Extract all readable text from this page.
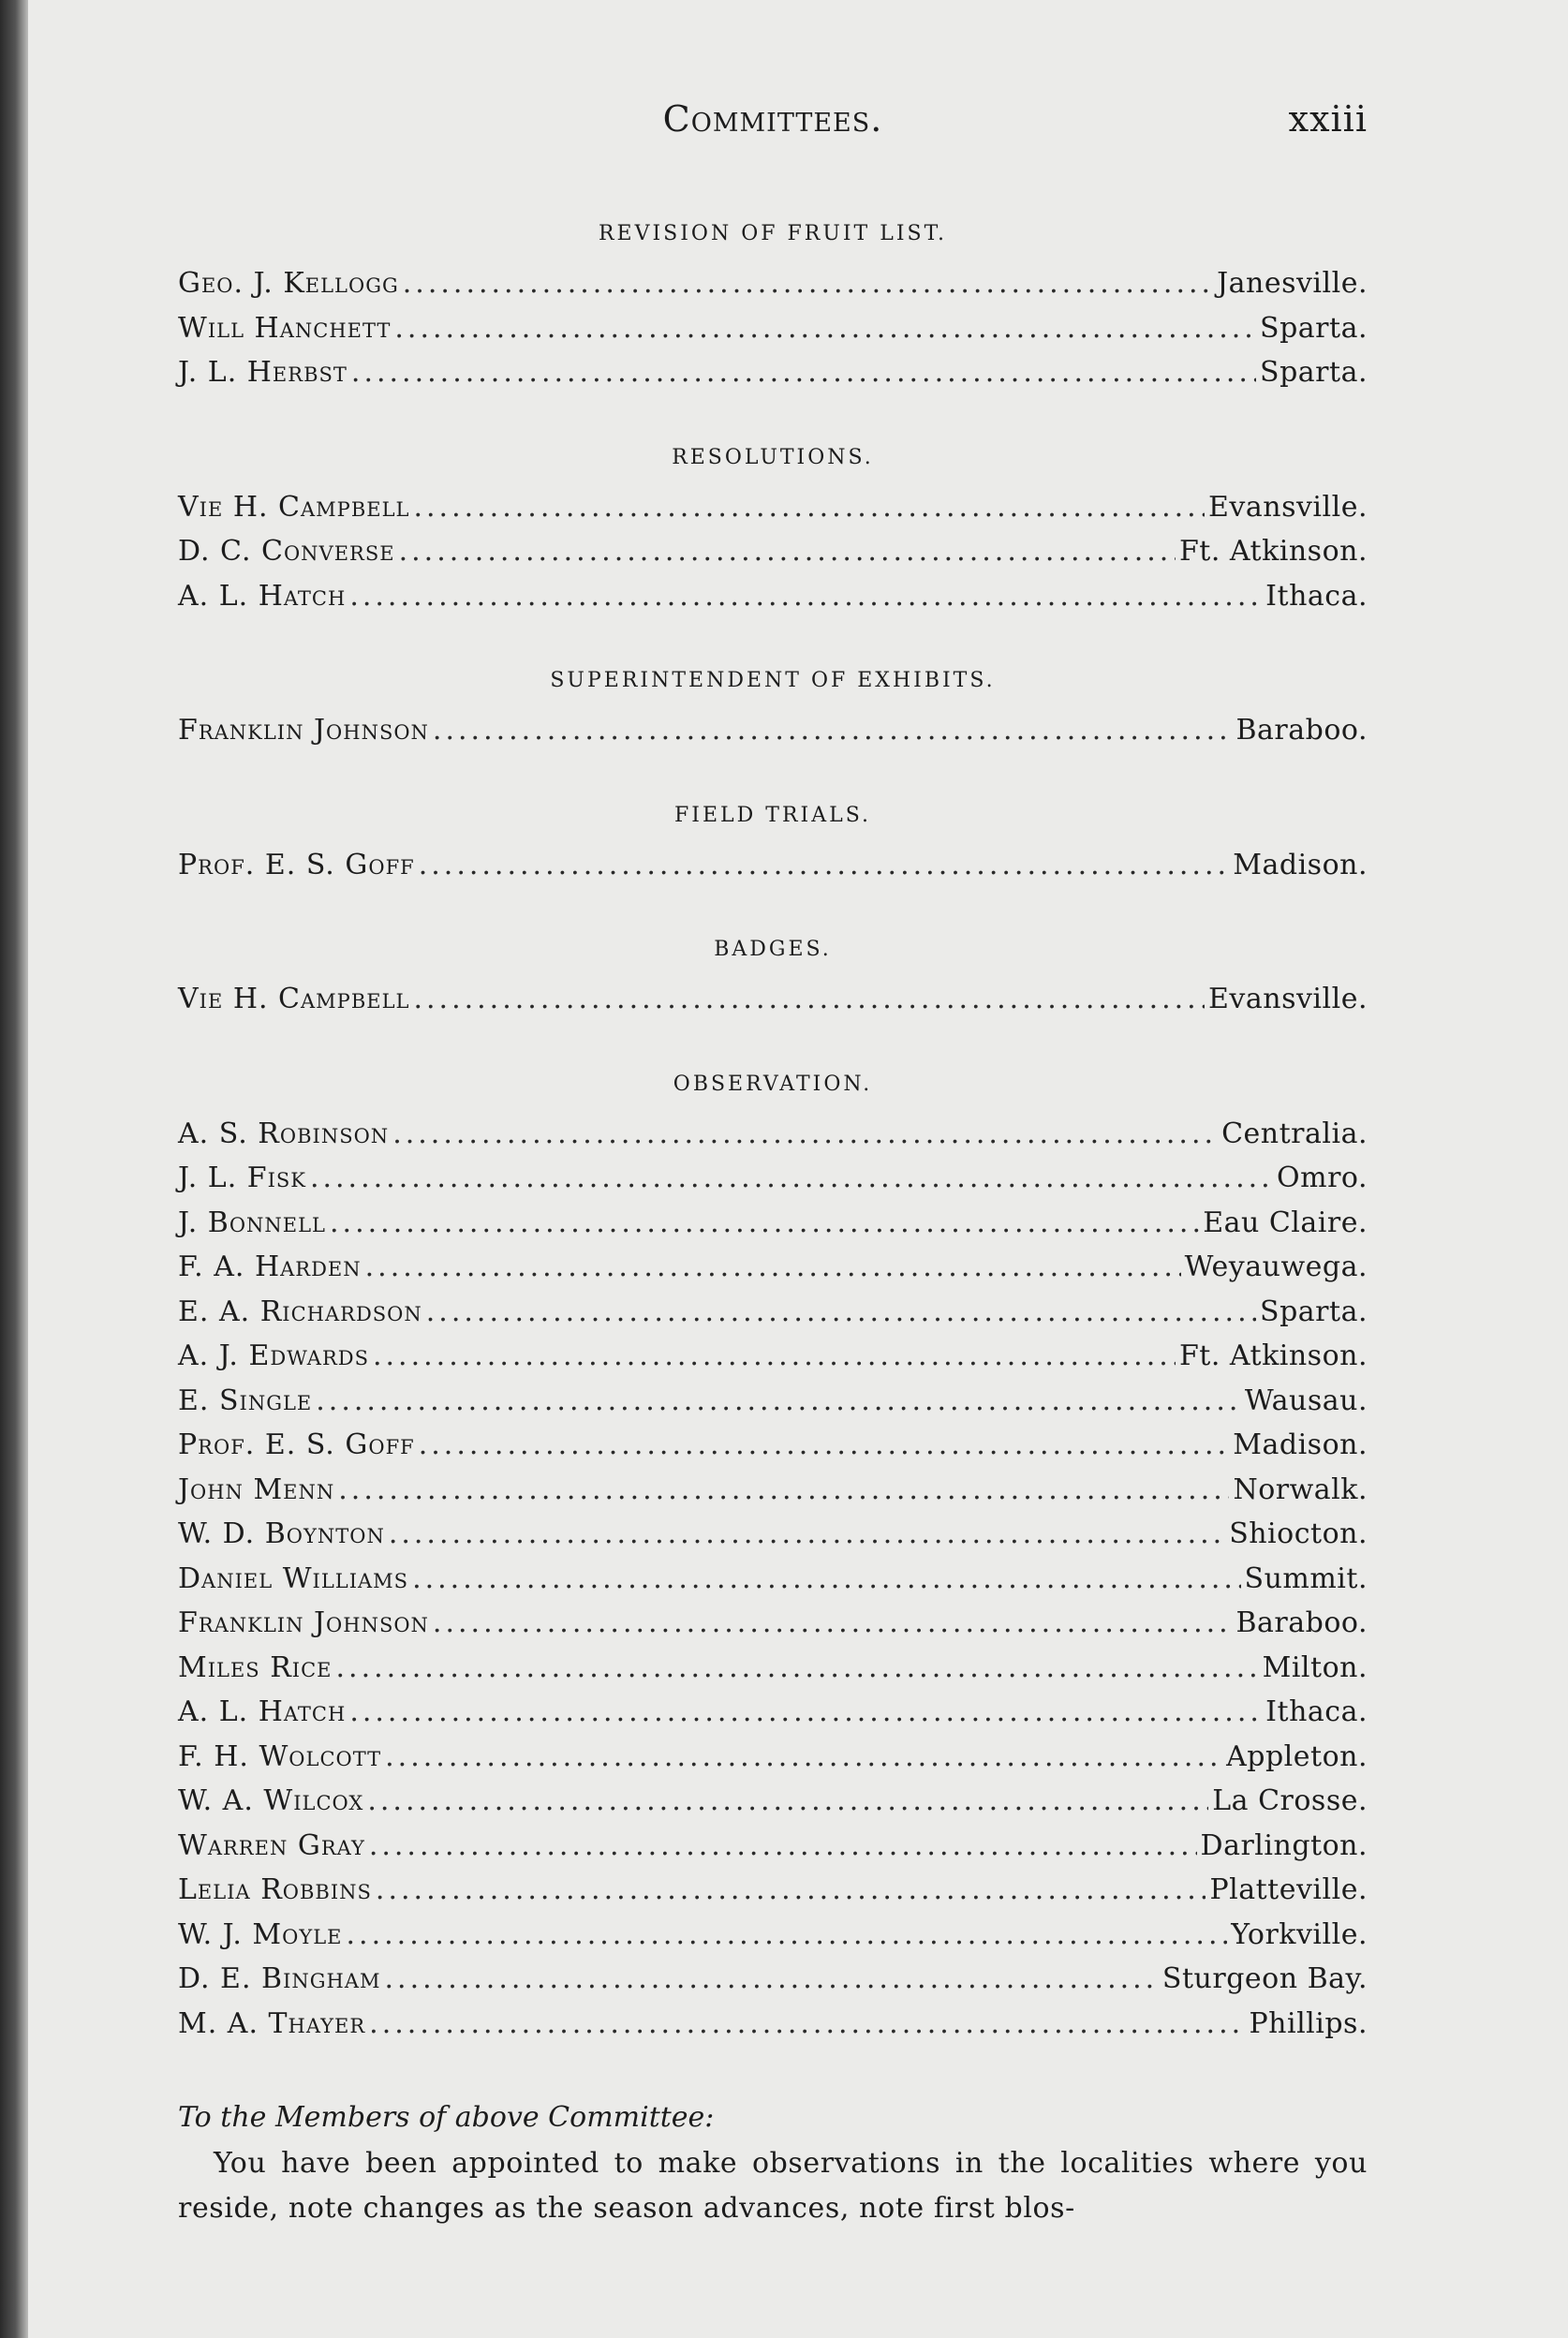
Committees.	xxiii
REVISION OF FRUIT LIST.
Geo. J. Kellogg .....	Janesville.
Will Hanchett .....	Sparta.
J. L. Herbst .....	Sparta.
RESOLUTIONS.
Vie H. Campbell .....	Evansville.
D. C. Converse .....	Ft. Atkinson.
A. L. Hatch .....	Ithaca.
SUPERINTENDENT OF EXHIBITS.
Franklin Johnson .....	Baraboo.
FIELD TRIALS.
Prof. E. S. Goff .....	Madison.
BADGES.
Vie H. Campbell .....	Evansville.
OBSERVATION.
A. S. Robinson .....	Centralia.
J. L. Fisk .....	Omro.
J. Bonnell .....	Eau Claire.
F. A. Harden .....	Weyauwega.
E. A. Richardson .....	Sparta.
A. J. Edwards .....	Ft. Atkinson.
E. Single .....	Wausau.
Prof. E. S. Goff .....	Madison.
John Menn .....	Norwalk.
W. D. Boynton .....	Shiocton.
Daniel Williams .....	Summit.
Franklin Johnson .....	Baraboo.
Miles Rice .....	Milton.
A. L. Hatch .....	Ithaca.
F. H. Wolcott .....	Appleton.
W. A. Wilcox .....	La Crosse.
Warren Gray .....	Darlington.
Lelia Robbins .....	Platteville.
W. J. Moyle .....	Yorkville.
D. E. Bingham .....	Sturgeon Bay.
M. A. Thayer .....	Phillips.
To the Members of above Committee:
You have been appointed to make observations in the localities where you reside, note changes as the season advances, note first blos-
